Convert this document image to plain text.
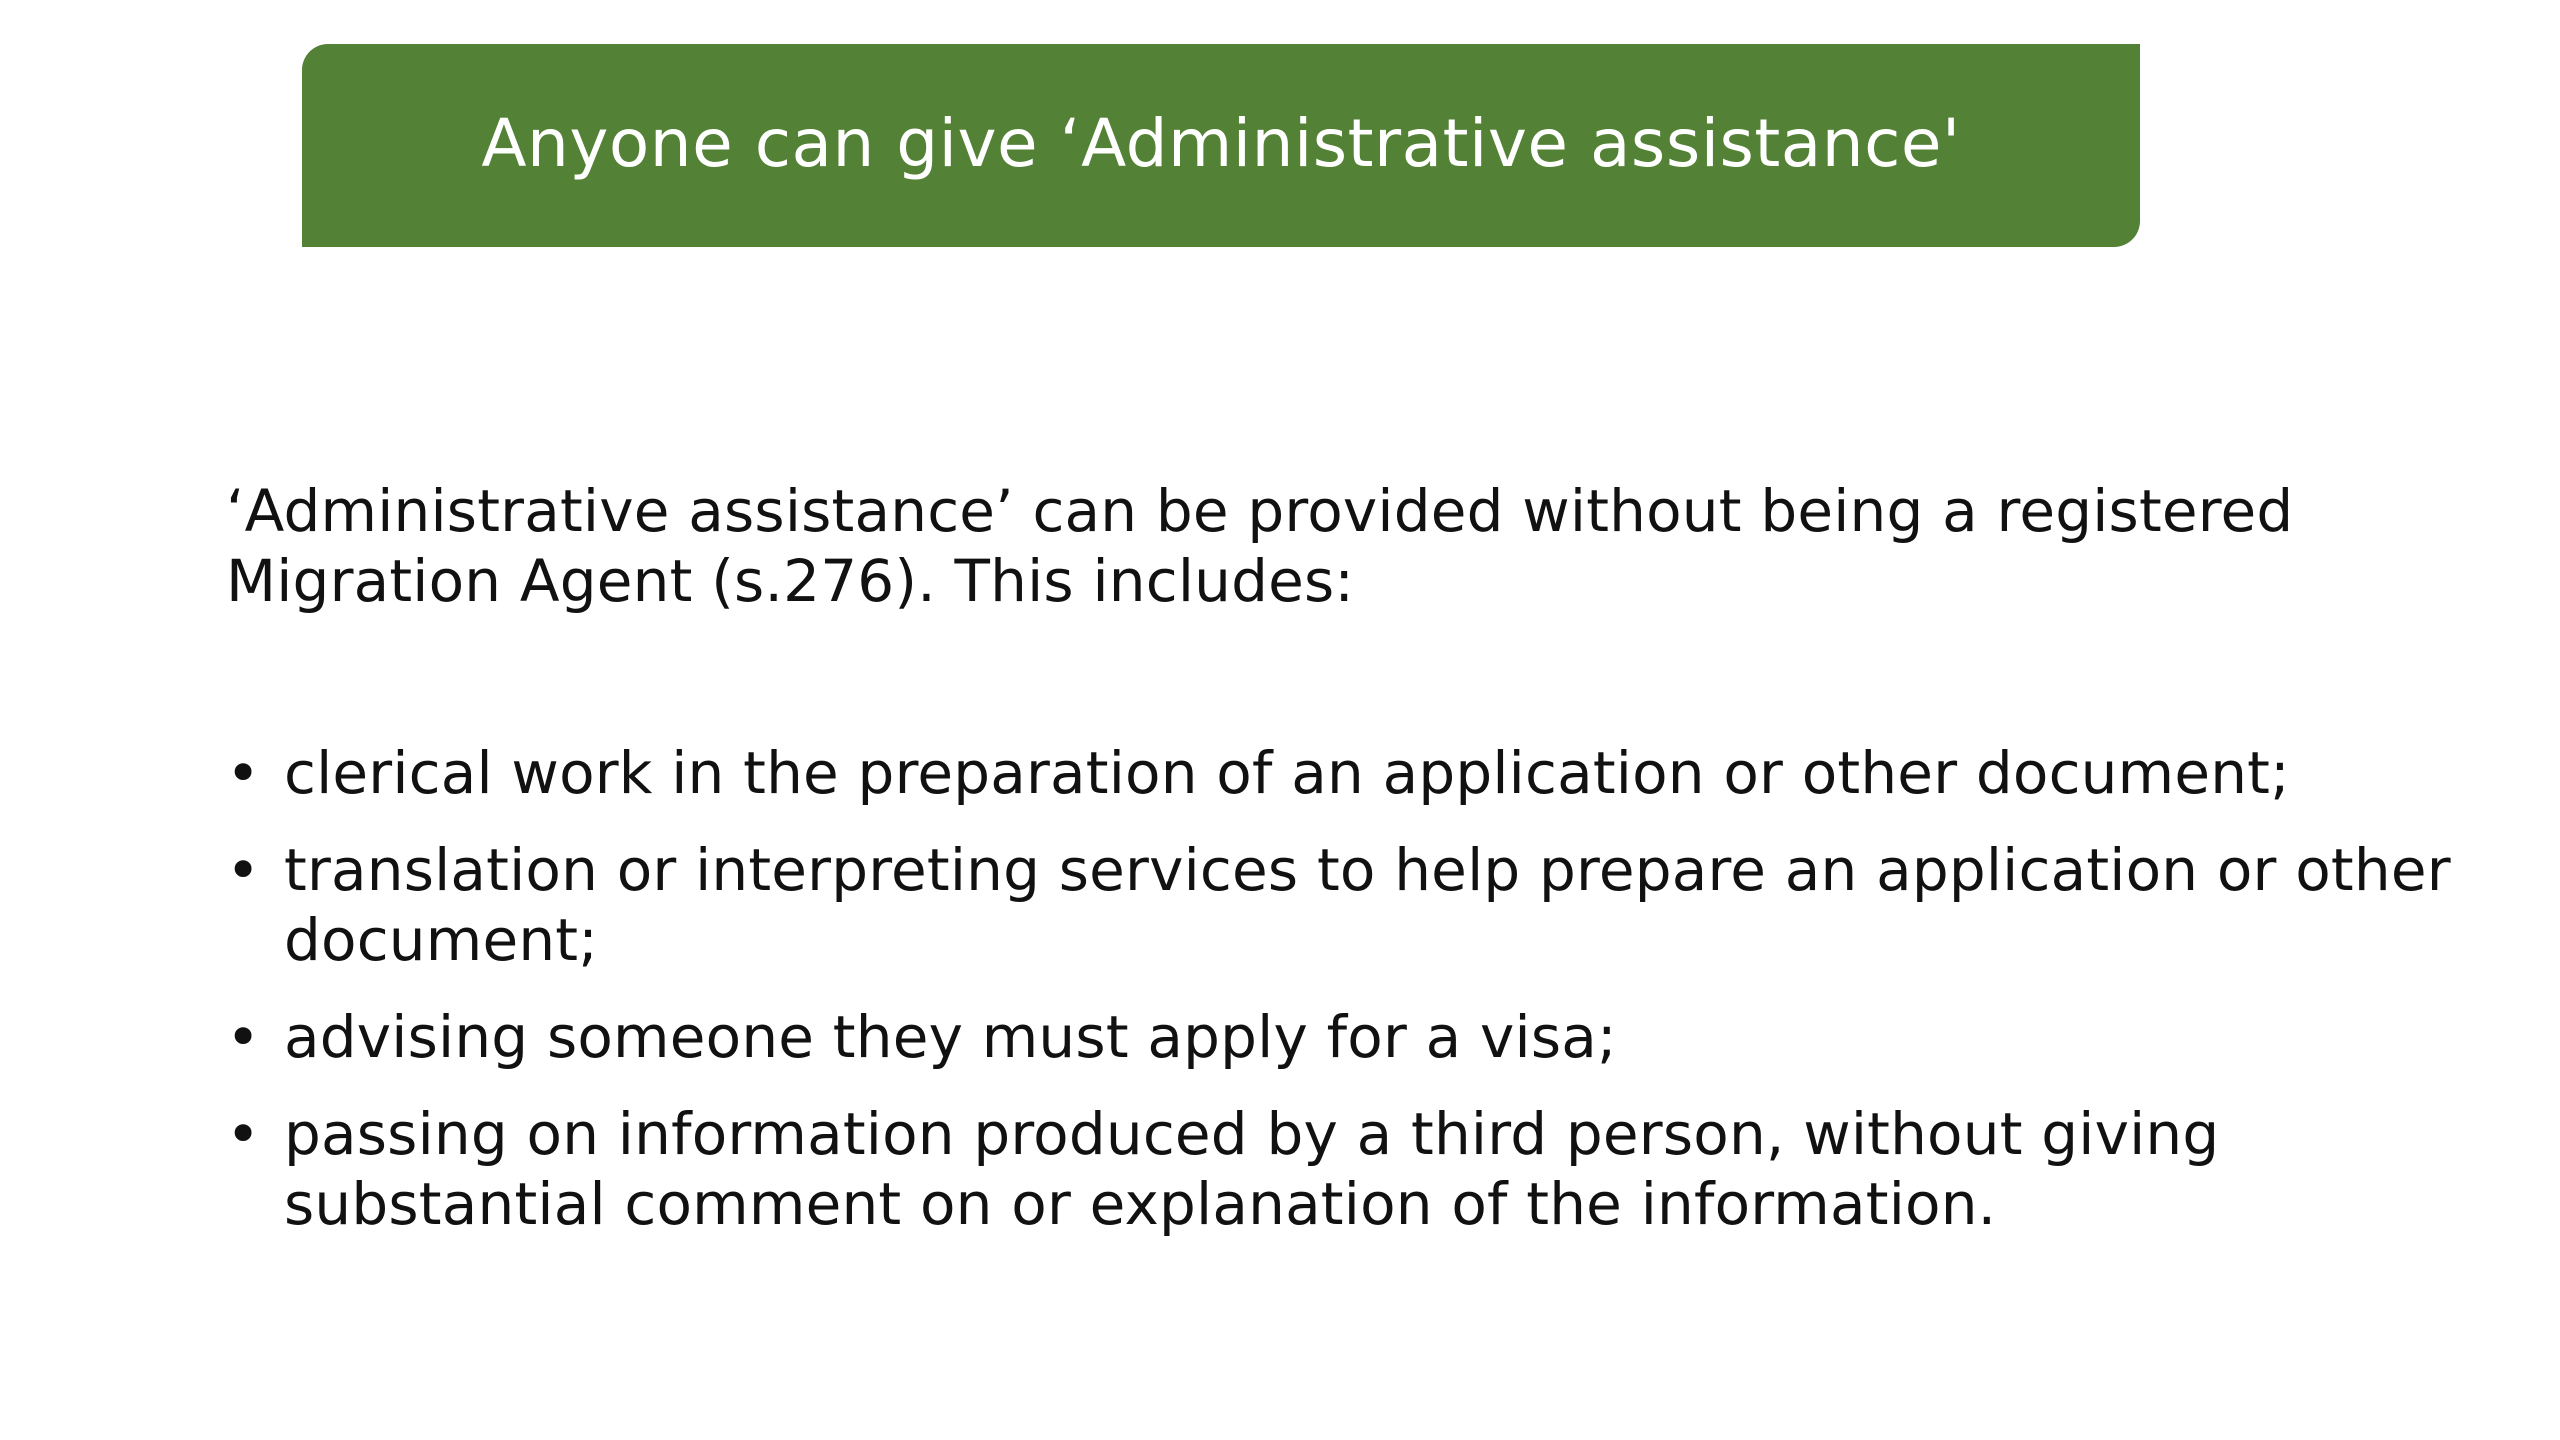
Anyone can give ‘Administrative assistance'

‘Administrative assistance’ can be provided without being a registered Migration Agent (s.276). This includes:

• clerical work in the preparation of an application or other document;
• translation or interpreting services to help prepare an application or other document;
• advising someone they must apply for a visa;
• passing on information produced by a third person, without giving substantial comment on or explanation of the information.
